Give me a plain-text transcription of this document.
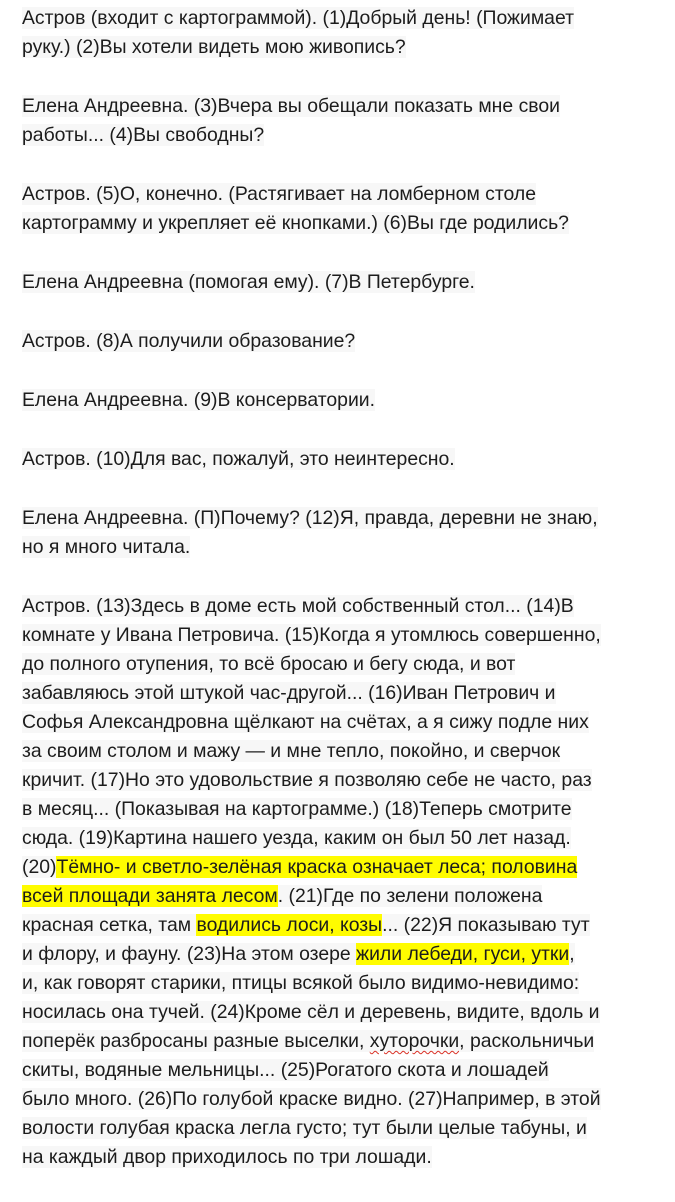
Астров (входит с картограммой). (1)Добрый день! (Пожимает
руку.) (2)Вы хотели видеть мою живопись?
Елена Андреевна. (3)Вчера вы обещали показать мне свои
работы... (4)Вы свободны?
Астров. (5)О, конечно. (Растягивает на ломберном столе
картограмму и укрепляет её кнопками.) (6)Вы где родились?
Елена Андреевна (помогая ему). (7)В Петербурге.
Астров. (8)А получили образование?
Елена Андреевна. (9)В консерватории.
Астров. (10)Для вас, пожалуй, это неинтересно.
Елена Андреевна. (П)Почему? (12)Я, правда, деревни не знаю,
но я много читала.
Астров. (13)Здесь в доме есть мой собственный стол... (14)В
комнате у Ивана Петровича. (15)Когда я утомлюсь совершенно,
до полного отупения, то всё бросаю и бегу сюда, и вот
забавляюсь этой штукой час-другой... (16)Иван Петрович и
Софья Александровна щёлкают на счётах, а я сижу подле них
за своим столом и мажу — и мне тепло, покойно, и сверчок
кричит. (17)Но это удовольствие я позволяю себе не часто, раз
в месяц... (Показывая на картограмме.) (18)Теперь смотрите
сюда. (19)Картина нашего уезда, каким он был 50 лет назад.
(20)Тёмно- и светло-зелёная краска означает леса; половина
всей площади занята лесом. (21)Где по зелени положена
красная сетка, там водились лоси, козы... (22)Я показываю тут
и флору, и фауну. (23)На этом озере жили лебеди, гуси, утки,
и, как говорят старики, птицы всякой было видимо-невидимо:
носилась она тучей. (24)Кроме сёл и деревень, видите, вдоль и
поперёк разбросаны разные выселки, хуторочки, раскольничьи
скиты, водяные мельницы... (25)Рогатого скота и лошадей
было много. (26)По голубой краске видно. (27)Например, в этой
волости голубая краска легла густо; тут были целые табуны, и
на каждый двор приходилось по три лошади.
